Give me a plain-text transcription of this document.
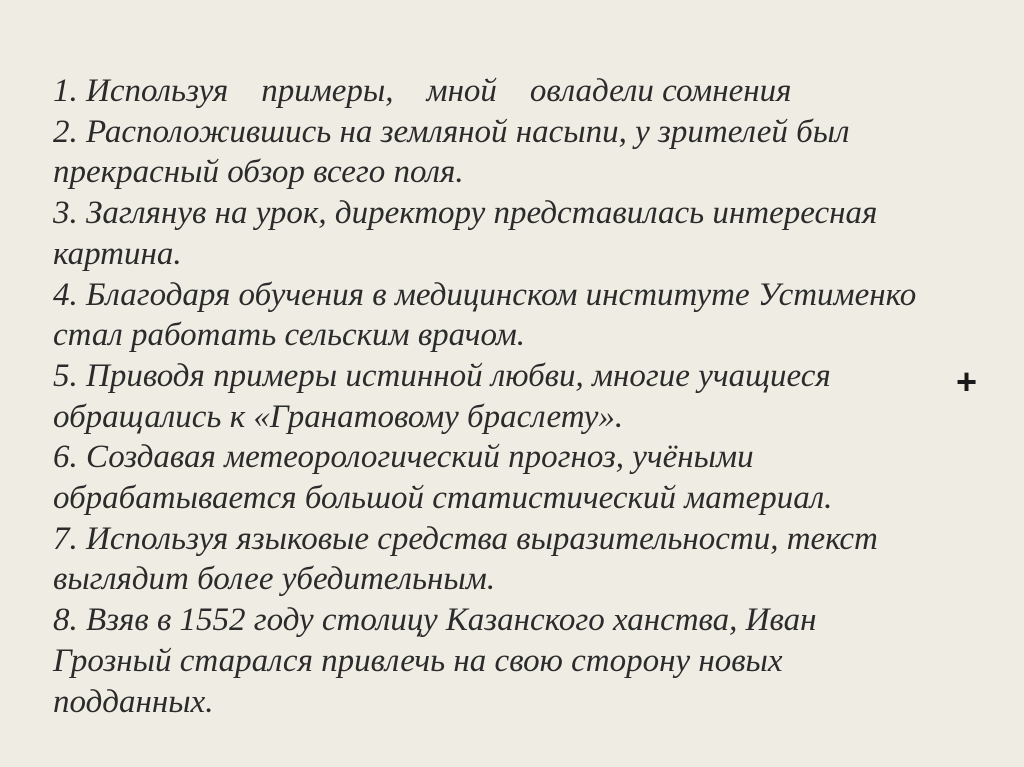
1. Используя    примеры,    мной    овладели сомнения
2. Расположившись на земляной насыпи, у зрителей был
прекрасный обзор всего поля.
3. Заглянув на урок, директору представилась интересная
картина.
4. Благодаря обучения в медицинском институте Устименко
стал работать сельским врачом.
5. Приводя примеры истинной любви, многие учащиеся
обращались к «Гранатовому браслету».
6. Создавая метеорологический прогноз, учёными
обрабатывается большой статистический материал.
7. Используя языковые средства выразительности, текст
выглядит более убедительным.
8. Взяв в 1552 году столицу Казанского ханства, Иван
Грозный старался привлечь на свою сторону новых
подданных.
+
